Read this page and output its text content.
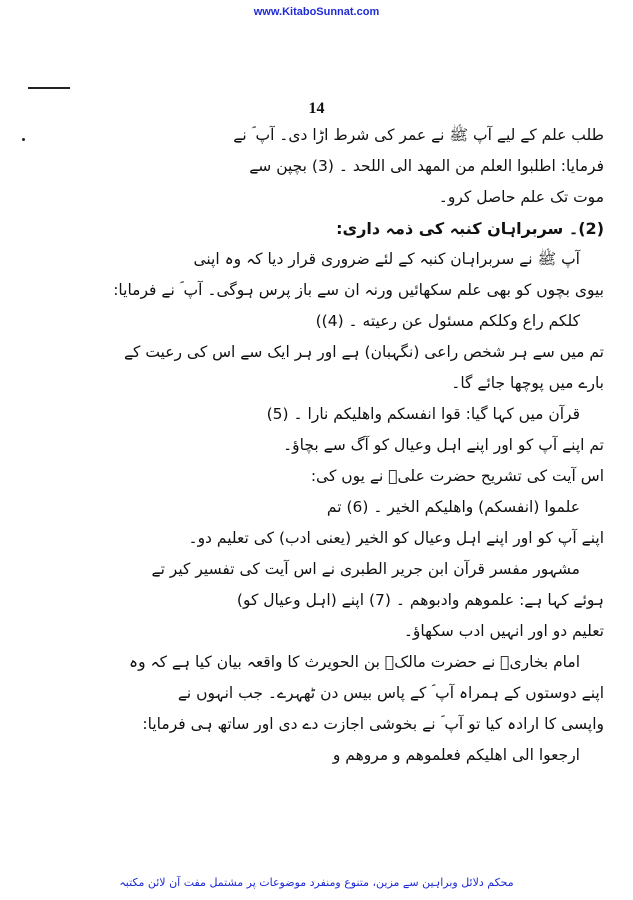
www.KitaboSunnat.com
14
طلب علم کے لیے آپ ﷺ نے عمر کی شرط اڑا دی۔ آپ ؐ نے
فرمایا: اطلبوا العلم من المهد الی اللحد ۔ (3) بچپن سے
موت تک علم حاصل کرو۔
(2)۔ سربراہان کنبہ کی ذمہ داری:
آپ ﷺ نے سربراہان کنبہ کے لئے ضروری قرار دیا کہ وہ اپنی
بیوی بچوں کو بھی علم سکھائیں ورنہ ان سے باز پرس ہوگی۔ آپ ؐ نے فرمایا:
كلكم راع وكلكم مسئول عن رعيته ۔ (4))
تم میں سے ہر شخص راعی (نگہبان) ہے اور ہر ایک سے اس کی رعیت کے
بارے میں پوچھا جائے گا۔
قرآن میں کہا گیا: قوا انفسكم واهليكم نارا ۔ (5)
تم اپنے آپ کو اور اپنے اہل وعیال کو آگ سے بچاؤ۔
اس آیت کی تشریح حضرت علیؓ نے یوں کی:
علموا (انفسكم) واهليكم الخير ۔ (6) تم
اپنے آپ کو اور اپنے اہل وعیال کو الخیر (یعنی ادب) کی تعلیم دو۔
مشہور مفسر قرآن ابن جریر الطبری نے اس آیت کی تفسیر کیر تے
ہوئے کہا ہے: علموهم وادبوهم ۔ (7) اپنے (اہل وعیال کو)
تعلیم دو اور انہیں ادب سکھاؤ۔
امام بخاریؒ نے حضرت مالکؓ بن الحویرث کا واقعہ بیان کیا ہے کہ وہ
اپنے دوستوں کے ہمراہ آپ ؐ کے پاس بیس دن ٹھہرے۔ جب انہوں نے
واپسی کا ارادہ کیا تو آپ ؐ نے بخوشی اجازت دے دی اور ساتھ ہی فرمایا:
ارجعوا الی اهليكم فعلموهم و مروهم و
محکم دلائل وبراہین سے مزین، متنوع ومنفرد موضوعات پر مشتمل مفت آن لائن مکتبہ
